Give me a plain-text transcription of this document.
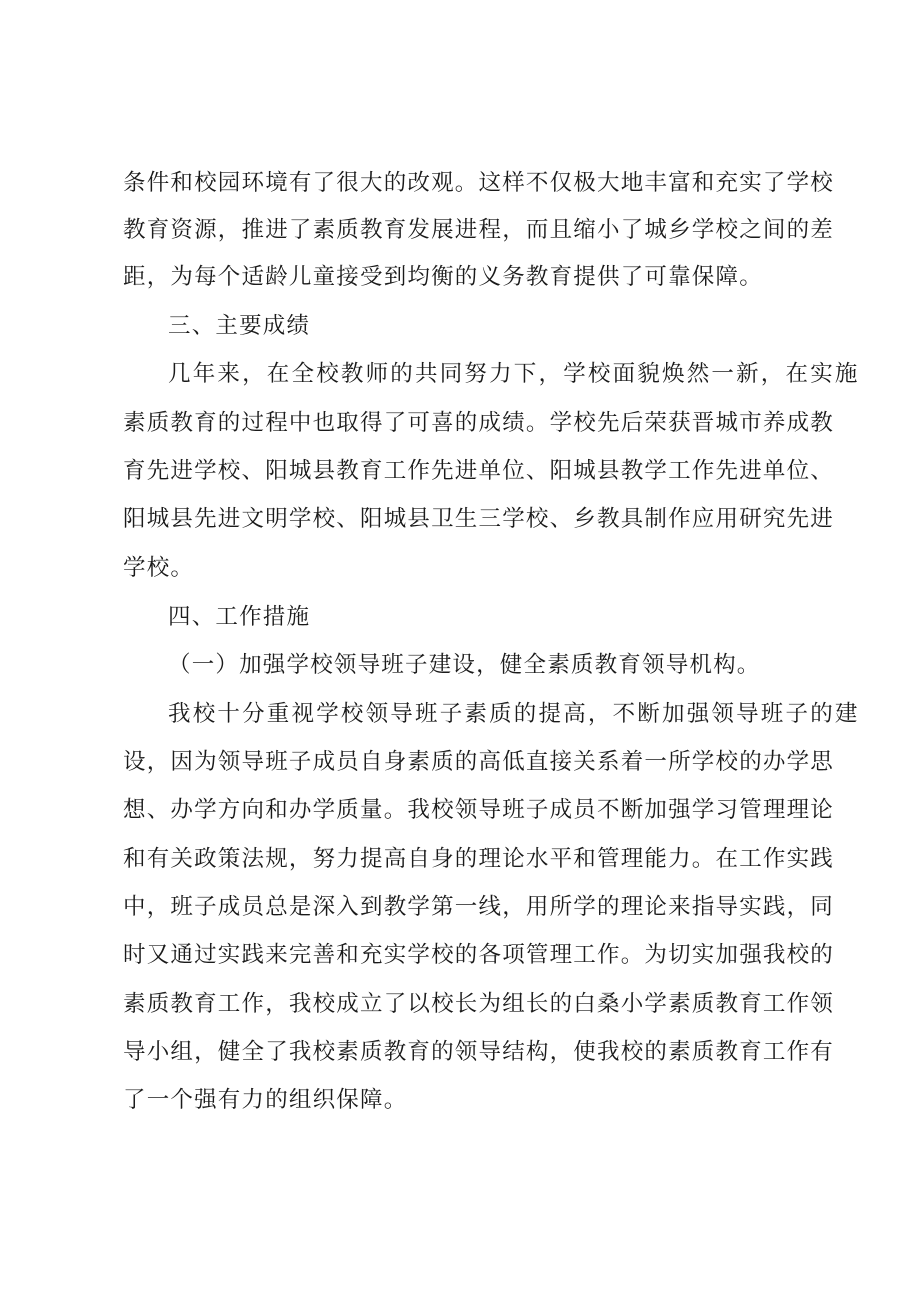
条件和校园环境有了很大的改观。这样不仅极大地丰富和充实了学校
教育资源，推进了素质教育发展进程，而且缩小了城乡学校之间的差
距，为每个适龄儿童接受到均衡的义务教育提供了可靠保障。
三、主要成绩
几年来，在全校教师的共同努力下，学校面貌焕然一新，在实施
素质教育的过程中也取得了可喜的成绩。学校先后荣获晋城市养成教
育先进学校、阳城县教育工作先进单位、阳城县教学工作先进单位、
阳城县先进文明学校、阳城县卫生三学校、乡教具制作应用研究先进
学校。
四、工作措施
（一）加强学校领导班子建设，健全素质教育领导机构。
我校十分重视学校领导班子素质的提高，不断加强领导班子的建
设，因为领导班子成员自身素质的高低直接关系着一所学校的办学思
想、办学方向和办学质量。我校领导班子成员不断加强学习管理理论
和有关政策法规，努力提高自身的理论水平和管理能力。在工作实践
中，班子成员总是深入到教学第一线，用所学的理论来指导实践，同
时又通过实践来完善和充实学校的各项管理工作。为切实加强我校的
素质教育工作，我校成立了以校长为组长的白桑小学素质教育工作领
导小组，健全了我校素质教育的领导结构，使我校的素质教育工作有
了一个强有力的组织保障。
